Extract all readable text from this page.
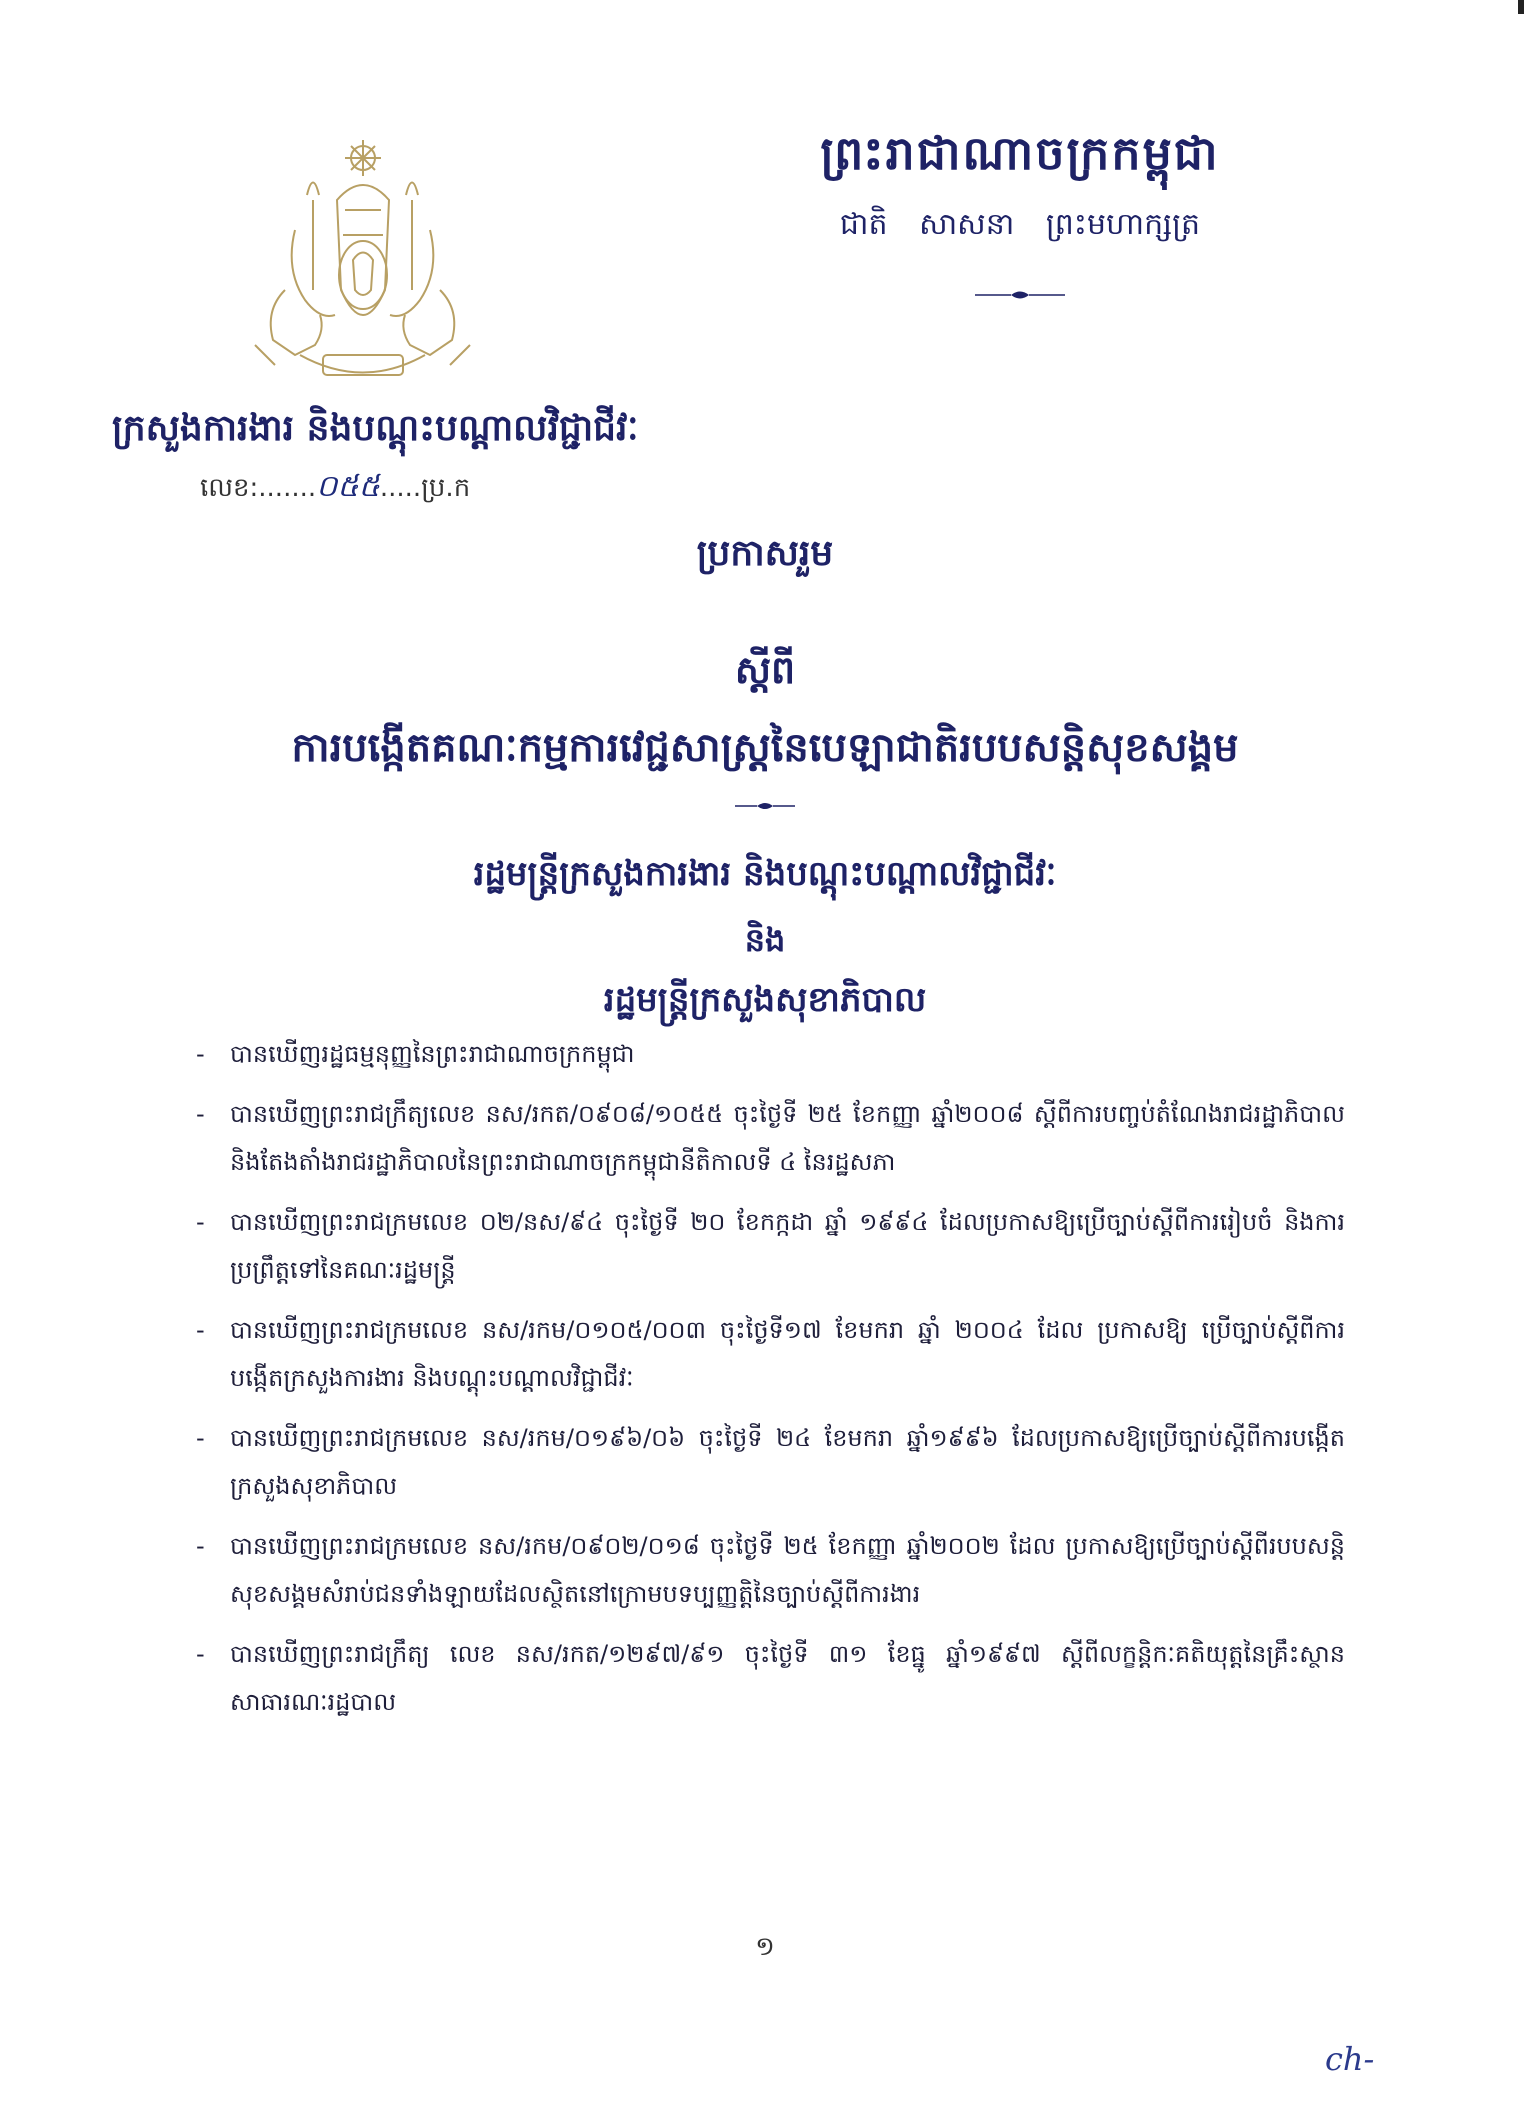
ព្រះរាជាណាចក្រកម្ពុជា
ជាតិ សាសនា ព្រះមហាក្សត្រ
ក្រសួងការងារ និងបណ្តុះបណ្តាលវិជ្ជាជីវៈ
លេខ:.......០៥៥.....ប្រ.ក
ប្រកាសរួម
ស្តីពី
ការបង្កើតគណៈកម្មការវេជ្ជសាស្ត្រនៃបេឡាជាតិរបបសន្តិសុខសង្គម
រដ្ឋមន្ត្រីក្រសួងការងារ និងបណ្តុះបណ្តាលវិជ្ជាជីវៈ
និង
រដ្ឋមន្ត្រីក្រសួងសុខាភិបាល
- បានឃើញរដ្ឋធម្មនុញ្ញនៃព្រះរាជាណាចក្រកម្ពុជា
- បានឃើញព្រះរាជក្រឹត្យលេខ នស/រកត/០៩០៨/១០៥៥ ចុះថ្ងៃទី ២៥ ខែកញ្ញា ឆ្នាំ២០០៨ ស្តីពីការបញ្ចប់តំណែងរាជរដ្ឋាភិបាល និងតែងតាំងរាជរដ្ឋាភិបាលនៃព្រះរាជាណាចក្រកម្ពុជានីតិកាលទី ៤ នៃរដ្ឋសភា
- បានឃើញព្រះរាជក្រមលេខ ០២/នស/៩៤ ចុះថ្ងៃទី ២០ ខែកក្កដា ឆ្នាំ ១៩៩៤ ដែលប្រកាសឱ្យប្រើច្បាប់ស្តីពីការរៀបចំ និងការប្រព្រឹត្តទៅនៃគណៈរដ្ឋមន្ត្រី
- បានឃើញព្រះរាជក្រមលេខ នស/រកម/០១០៥/០០៣ ចុះថ្ងៃទី១៧ ខែមករា ឆ្នាំ ២០០៤ ដែល ប្រកាសឱ្យ ប្រើច្បាប់ស្តីពីការបង្កើតក្រសួងការងារ និងបណ្តុះបណ្តាលវិជ្ជាជីវៈ
- បានឃើញព្រះរាជក្រមលេខ នស/រកម/០១៩៦/០៦ ចុះថ្ងៃទី ២៤ ខែមករា ឆ្នាំ១៩៩៦ ដែលប្រកាសឱ្យប្រើច្បាប់ស្តីពីការបង្កើតក្រសួងសុខាភិបាល
- បានឃើញព្រះរាជក្រមលេខ នស/រកម/០៩០២/០១៨ ចុះថ្ងៃទី ២៥ ខែកញ្ញា ឆ្នាំ២០០២ ដែល ប្រកាសឱ្យប្រើច្បាប់ស្តីពីរបបសន្តិសុខសង្គមសំរាប់ជនទាំងឡាយដែលស្ថិតនៅក្រោមបទប្បញ្ញត្តិនៃច្បាប់ស្តីពីការងារ
- បានឃើញព្រះរាជក្រឹត្យ លេខ នស/រកត/១២៩៧/៩១ ចុះថ្ងៃទី ៣១ ខែធ្នូ ឆ្នាំ១៩៩៧ ស្តីពីលក្ខន្តិកៈគតិយុត្តនៃគ្រឹះស្ថានសាធារណៈរដ្ឋបាល
១
ch-
